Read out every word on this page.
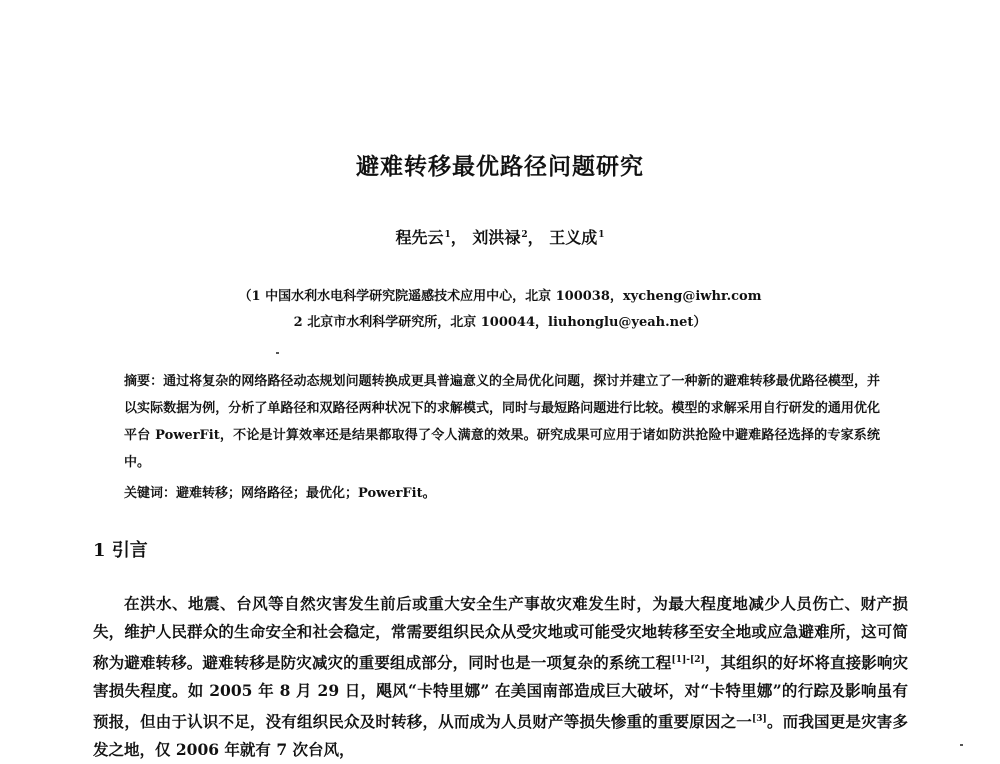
避难转移最优路径问题研究
程先云$^1$， 刘洪禄$^2$， 王义成$^1$
（1 中国水利水电科学研究院遥感技术应用中心，北京 100038，xycheng@iwhr.com
2 北京市水利科学研究所，北京 100044，liuhonglu@yeah.net）
摘要：通过将复杂的网络路径动态规划问题转换成更具普遍意义的全局优化问题，探讨并建立了一种新的避难转移最优路径模型，并以实际数据为例，分析了单路径和双路径两种状况下的求解模式，同时与最短路问题进行比较。模型的求解采用自行研发的通用优化平台 PowerFit，不论是计算效率还是结果都取得了令人满意的效果。研究成果可应用于诸如防洪抢险中避难路径选择的专家系统中。
关键词：避难转移；网络路径；最优化；PowerFit。
1 引言

在洪水、地震、台风等自然灾害发生前后或重大安全生产事故灾难发生时，为最大程度地减少人员伤亡、财产损失，维护人民群众的生命安全和社会稳定，常需要组织民众从受灾地或可能受灾地转移至安全地或应急避难所，这可简称为避难转移。避难转移是防灾减灾的重要组成部分，同时也是一项复杂的系统工程[1]-[2]，其组织的好坏将直接影响灾害损失程度。如 2005 年 8 月 29 日，飓风“卡特里娜” 在美国南部造成巨大破坏，对“卡特里娜”的行踪及影响虽有预报，但由于认识不足，没有组织民众及时转移，从而成为人员财产等损失惨重的重要原因之一[3]。而我国更是灾害多发之地，仅 2006 年就有 7 次台风，
